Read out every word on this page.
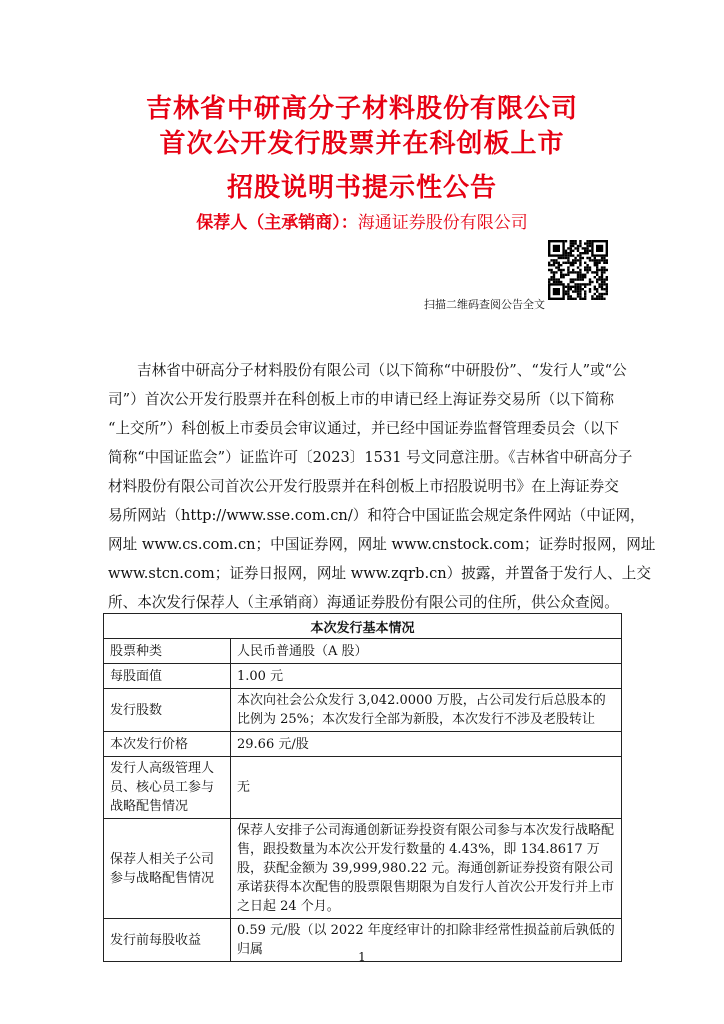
吉林省中研高分子材料股份有限公司
首次公开发行股票并在科创板上市
招股说明书提示性公告
保荐人（主承销商）：海通证券股份有限公司
扫描二维码查阅公告全文
吉林省中研高分子材料股份有限公司（以下简称“中研股份”、“发行人”或“公
司”）首次公开发行股票并在科创板上市的申请已经上海证券交易所（以下简称
“上交所”）科创板上市委员会审议通过，并已经中国证券监督管理委员会（以下
简称“中国证监会”）证监许可〔2023〕1531 号文同意注册。《吉林省中研高分子
材料股份有限公司首次公开发行股票并在科创板上市招股说明书》在上海证券交
易所网站（http://www.sse.com.cn/）和符合中国证监会规定条件网站（中证网，
网址 www.cs.com.cn；中国证券网，网址 www.cnstock.com；证券时报网，网址
www.stcn.com；证券日报网，网址 www.zqrb.cn）披露，并置备于发行人、上交
所、本次发行保荐人（主承销商）海通证券股份有限公司的住所，供公众查阅。
本次发行基本情况	
股票种类	人民币普通股（A 股）
每股面值	1.00 元
发行股数	本次向社会公众发行 3,042.0000 万股，占公司发行后总股本的比例为 25%；本次发行全部为新股，本次发行不涉及老股转让
本次发行价格	29.66 元/股
发行人高级管理人员、核心员工参与战略配售情况	无
保荐人相关子公司参与战略配售情况	保荐人安排子公司海通创新证券投资有限公司参与本次发行战略配售，跟投数量为本次公开发行数量的 4.43%，即 134.8617 万股，获配金额为 39,999,980.22 元。海通创新证券投资有限公司承诺获得本次配售的股票限售期限为自发行人首次公开发行并上市之日起 24 个月。
发行前每股收益	0.59 元/股（以 2022 年度经审计的扣除非经常性损益前后孰低的归属	1
